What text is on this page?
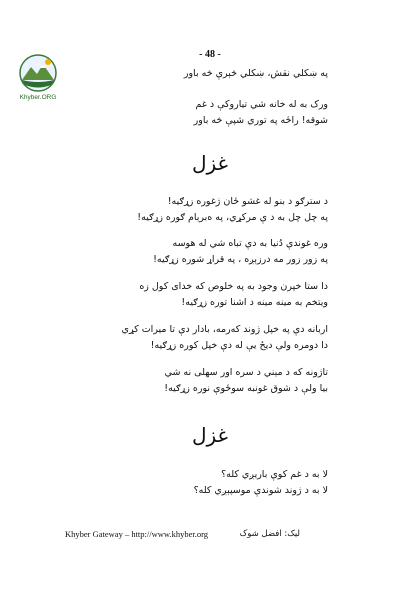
- 48 -
Khyber.ORG
په ښکلي نقش، ښکلي څېرې څه باور
ورک به له خانه شي تیاروکې د غم
شوقه! راځه په توري شپې څه باور
غزل
د سترګو د بنو له غشو ځان ژغوره زړګیه!
په چل چل به د ې مرکړي، په ه‌برېام ګوره زړګیه!
وره غوندې دُنیا به دې تباه شي له هوسه
په زور زور مه درزېږه ، په قراړ شوره زړګیه!
دا ستا خپرن وجود به په خلوص که خدای کول زه
ویتخم به مینه مینه د اشنا توره زړګیه!
اربانه دې په خپل ژوند که‌رمه، بادار دې تا میرات کړي
دا دومره ولې ديځ یې له دې خپل کوره زړګیه!
تاژونه که د مېني د سره اور سهلی نه شي
بیا ولې د شوق غونبه سوځوې نوره زړګیه!
غزل
لا به د غم کوې باریږي کله؟
لا به د ژوند شوندې موسپېږي کله؟
Khyber Gateway – http://www.khyber.org	لیک: افضل شوک
